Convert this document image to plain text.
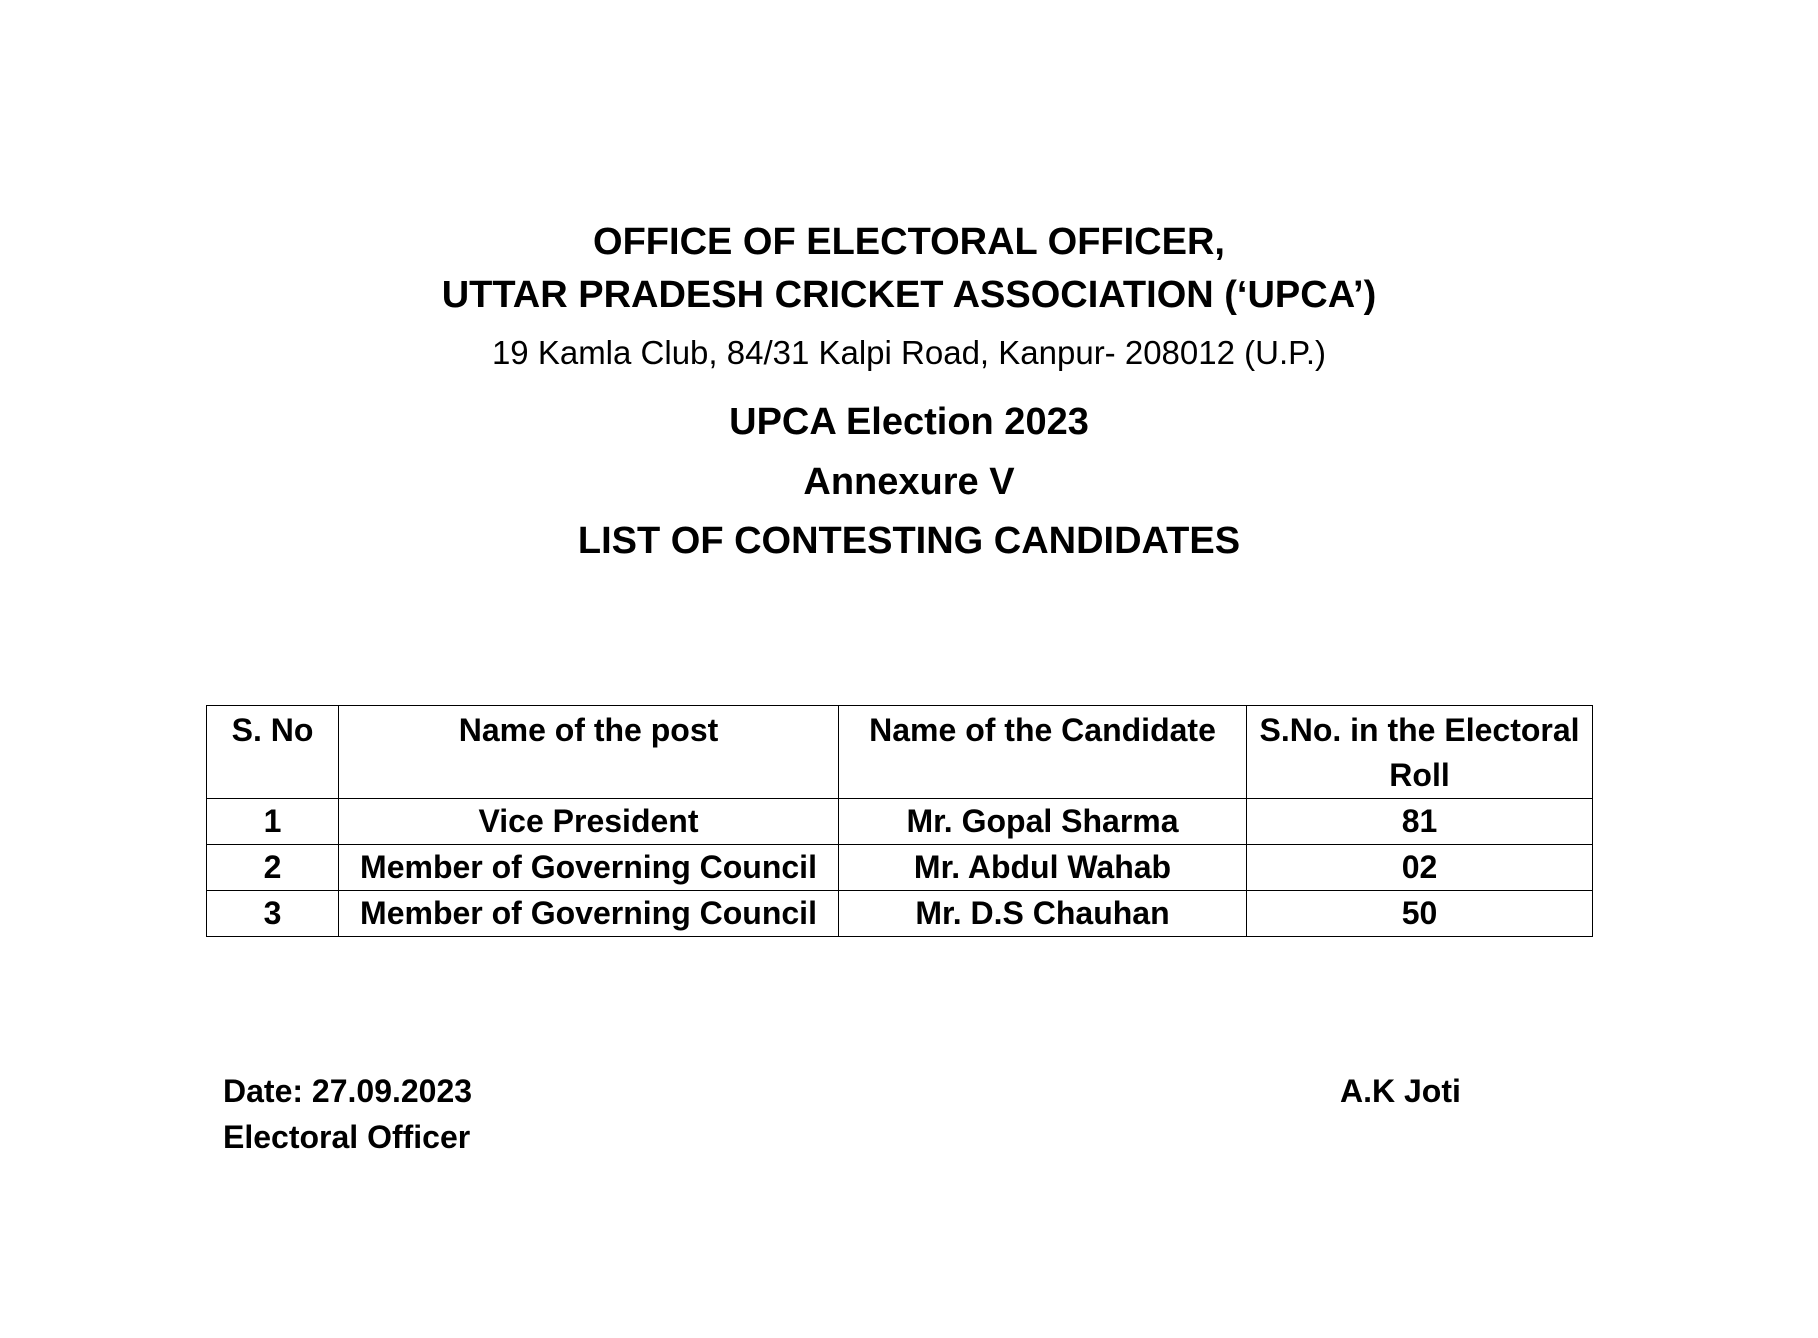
OFFICE OF ELECTORAL OFFICER,
UTTAR PRADESH CRICKET ASSOCIATION (‘UPCA’)
19 Kamla Club, 84/31 Kalpi Road, Kanpur- 208012 (U.P.)
UPCA Election 2023
Annexure V
LIST OF CONTESTING CANDIDATES
S. No	Name of the post	Name of the Candidate	S.No. in the Electoral Roll
1	Vice President	Mr. Gopal Sharma	81
2	Member of Governing Council	Mr. Abdul Wahab	02
3	Member of Governing Council	Mr. D.S Chauhan	50
Date: 27.09.2023
Electoral Officer
A.K Joti
